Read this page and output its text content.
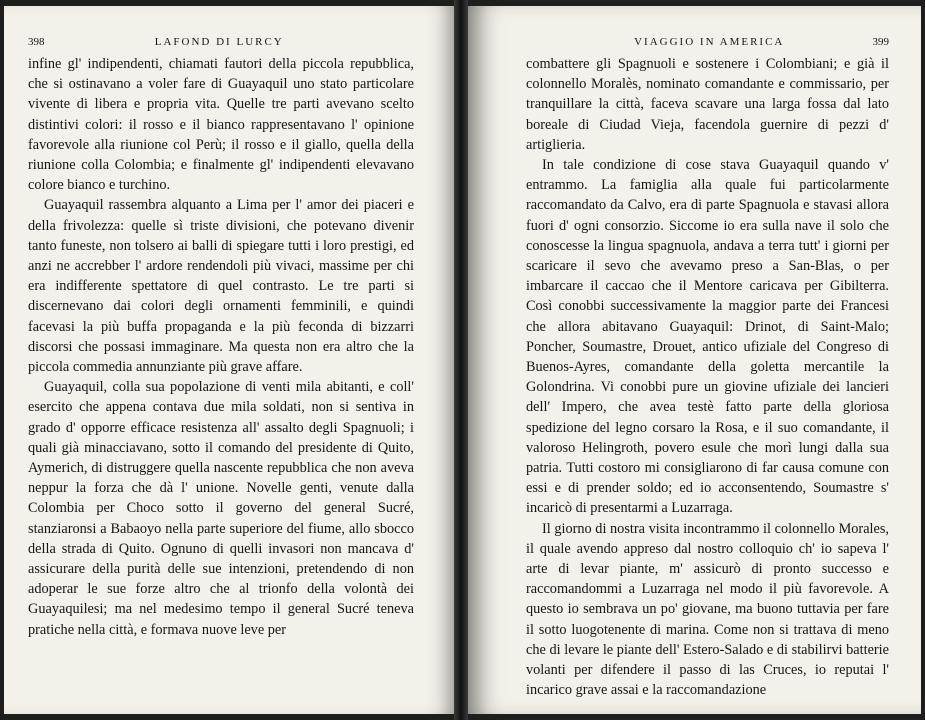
398	LAFOND DI LURCY

infine gl' indipendenti, chiamati fautori della piccola repubblica, che si ostinavano a voler fare di Guayaquil uno stato particolare vivente di libera e propria vita. Quelle tre parti avevano scelto distintivi colori: il rosso e il bianco rappresentavano l' opinione favorevole alla riunione col Perù; il rosso e il giallo, quella della riunione colla Colombia; e finalmente gl' indipendenti elevavano colore bianco e turchino.

Guayaquil rassembra alquanto a Lima per l' amor dei piaceri e della frivolezza: quelle sì triste divisioni, che potevano divenir tanto funeste, non tolsero ai balli di spiegare tutti i loro prestigi, ed anzi ne accrebber l' ardore rendendoli più vivaci, massime per chi era indifferente spettatore di quel contrasto. Le tre parti si discernevano dai colori degli ornamenti femminili, e quindi facevasi la più buffa propaganda e la più feconda di bizzarri discorsi che possasi immaginare. Ma questa non era altro che la piccola commedia annunziante più grave affare.

Guayaquil, colla sua popolazione di venti mila abitanti, e coll' esercito che appena contava due mila soldati, non si sentiva in grado d' opporre efficace resistenza all' assalto degli Spagnuoli; i quali già minacciavano, sotto il comando del presidente di Quito, Aymerich, di distruggere quella nascente repubblica che non aveva neppur la forza che dà l' unione. Novelle genti, venute dalla Colombia per Choco sotto il governo del general Sucré, stanziaronsi a Babaoyo nella parte superiore del fiume, allo sbocco della strada di Quito. Ognuno di quelli invasori non mancava d' assicurare della purità delle sue intenzioni, pretendendo di non adoperar le sue forze altro che al trionfo della volontà dei Guayaquilesi; ma nel medesimo tempo il general Sucré teneva pratiche nella città, e formava nuove leve per

VIAGGIO IN AMERICA	399

combattere gli Spagnuoli e sostenere i Colombiani; e già il colonnello Moralès, nominato comandante e commissario, per tranquillare la città, faceva scavare una larga fossa dal lato boreale di Ciudad Vieja, facendola guernire di pezzi d' artiglieria.

In tale condizione di cose stava Guayaquil quando v' entrammo. La famiglia alla quale fui particolarmente raccomandato da Calvo, era di parte Spagnuola e stavasi allora fuori d' ogni consorzio. Siccome io era sulla nave il solo che conoscesse la lingua spagnuola, andava a terra tutt' i giorni per scaricare il sevo che avevamo preso a San-Blas, o per imbarcare il caccao che il Mentore caricava per Gibilterra. Così conobbi successivamente la maggior parte dei Francesi che allora abitavano Guayaquil: Drinot, di Saint-Malo; Poncher, Soumastre, Drouet, antico ufiziale del Congreso di Buenos-Ayres, comandante della goletta mercantile la Golondrina. Vi conobbi pure un giovine ufiziale dei lancieri dell' Impero, che avea testè fatto parte della gloriosa spedizione del legno corsaro la Rosa, e il suo comandante, il valoroso Helingroth, povero esule che morì lungi dalla sua patria. Tutti costoro mi consigliarono di far causa comune con essi e di prender soldo; ed io acconsentendo, Soumastre s' incaricò di presentarmi a Luzarraga.

Il giorno di nostra visita incontrammo il colonnello Morales, il quale avendo appreso dal nostro colloquio ch' io sapeva l' arte di levar piante, m' assicurò di pronto successo e raccomandommi a Luzarraga nel modo il più favorevole. A questo io sembrava un po' giovane, ma buono tuttavia per fare il sotto luogotenente di marina. Come non si trattava di meno che di levare le piante dell' Estero-Salado e di stabilirvi batterie volanti per difendere il passo di las Cruces, io reputai l' incarico grave assai e la raccomandazione
